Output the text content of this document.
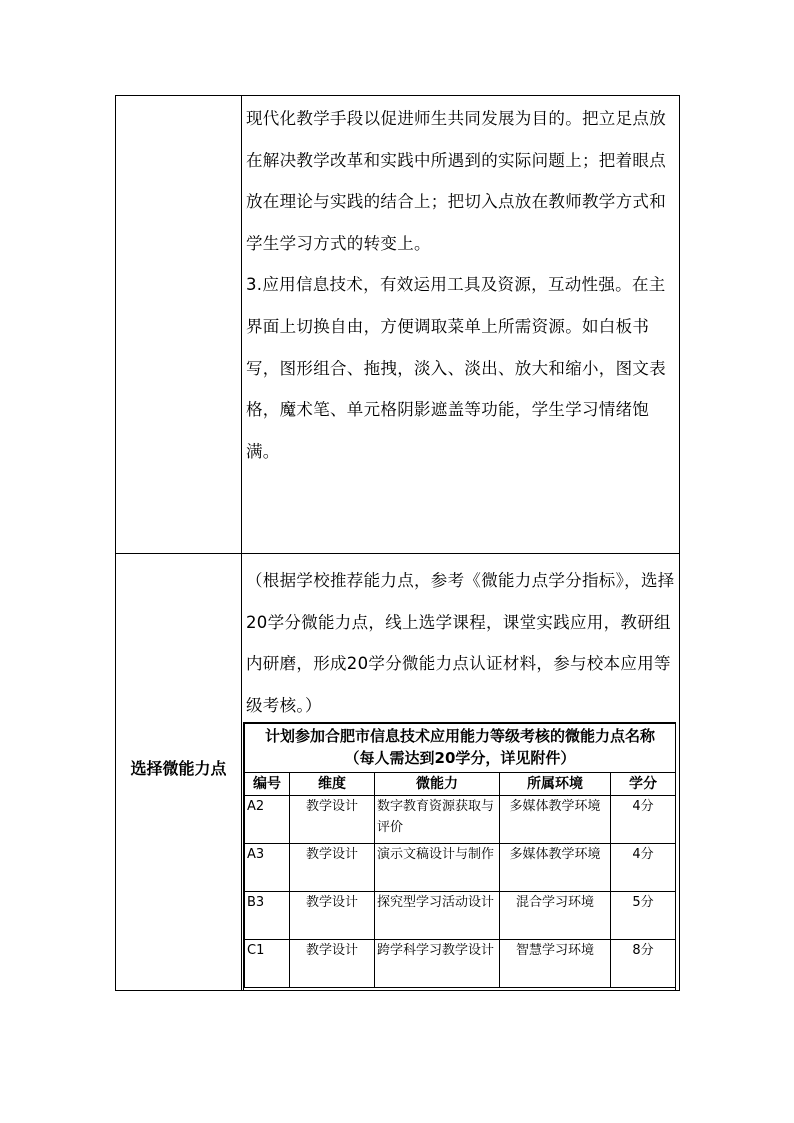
现代化教学手段以促进师生共同发展为目的。把立足点放在解决教学改革和实践中所遇到的实际问题上；把着眼点放在理论与实践的结合上；把切入点放在教师教学方式和学生学习方式的转变上。

3.应用信息技术，有效运用工具及资源，互动性强。在主界面上切换自由，方便调取菜单上所需资源。如白板书写，图形组合、拖拽，淡入、淡出、放大和缩小，图文表格，魔术笔、单元格阴影遮盖等功能，学生学习情绪饱满。

选择微能力点

（根据学校推荐能力点，参考《微能力点学分指标》，选择20学分微能力点，线上选学课程，课堂实践应用，教研组内研磨，形成20学分微能力点认证材料，参与校本应用等级考核。）

计划参加合肥市信息技术应用能力等级考核的微能力点名称
（每人需达到20学分，详见附件）				

编号	维度	微能力	所属环境	学分
A2	教学设计	数字教育资源获取与评价	多媒体教学环境	4分
A3	教学设计	演示文稿设计与制作	多媒体教学环境	4分
B3	教学设计	探究型学习活动设计	混合学习环境	5分
C1	教学设计	跨学科学习教学设计	智慧学习环境	8分
